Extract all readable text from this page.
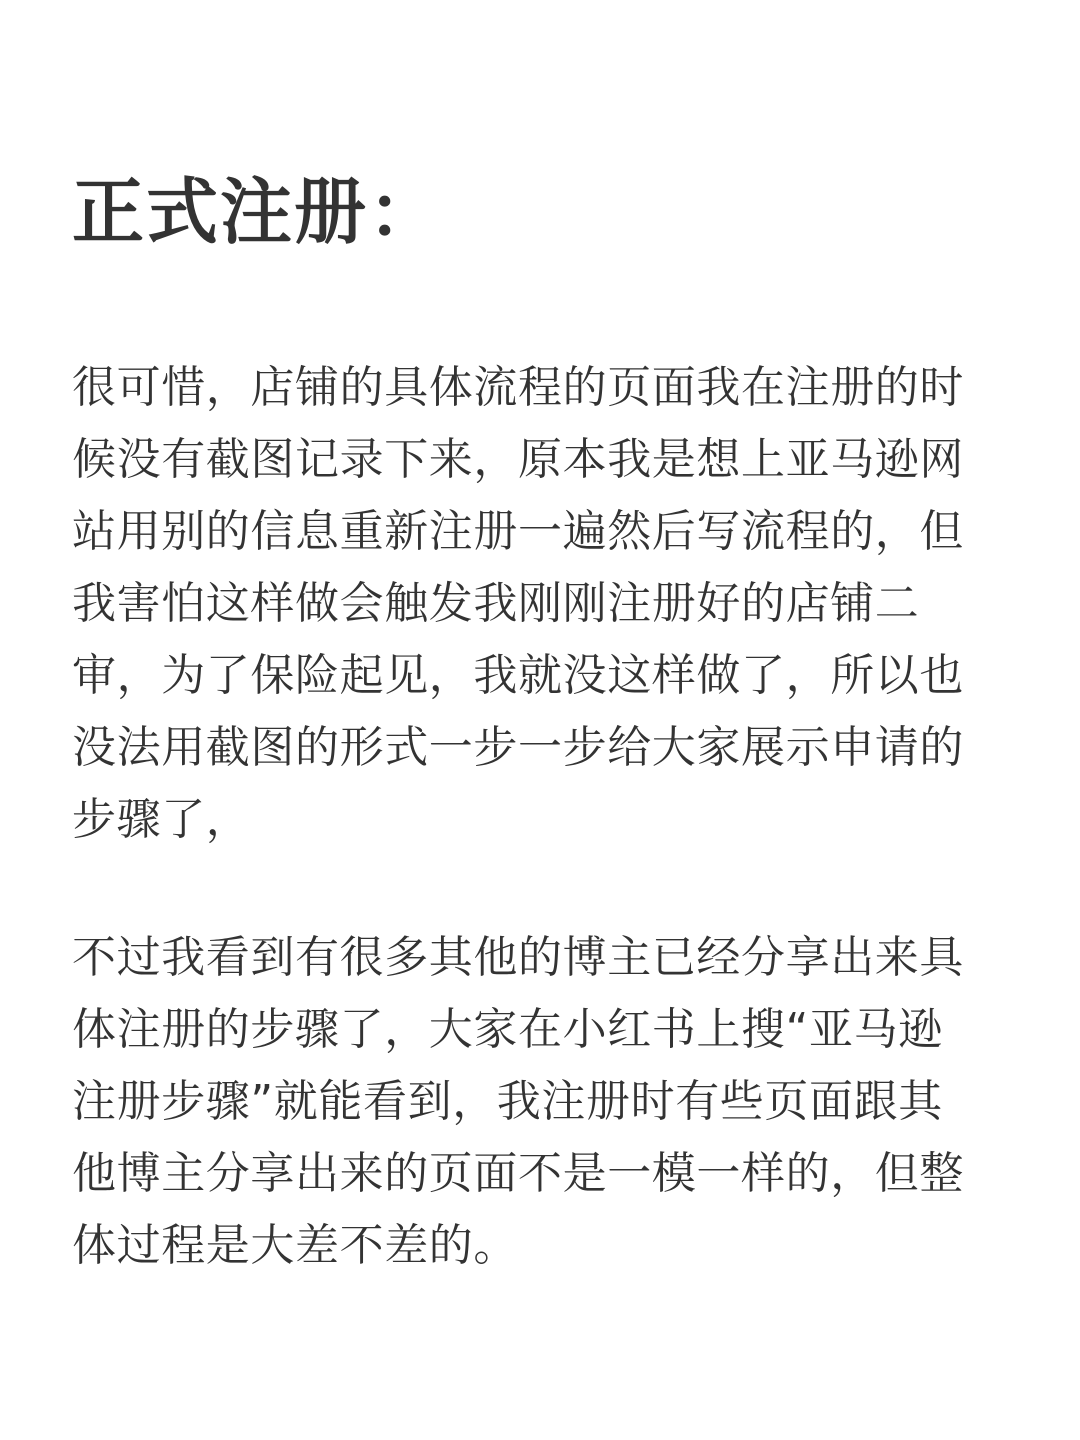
正式注册：
很可惜，店铺的具体流程的页面我在注册的时
候没有截图记录下来，原本我是想上亚马逊网
站用别的信息重新注册一遍然后写流程的，但
我害怕这样做会触发我刚刚注册好的店铺二
审，为了保险起见，我就没这样做了，所以也
没法用截图的形式一步一步给大家展示申请的
步骤了，
不过我看到有很多其他的博主已经分享出来具
体注册的步骤了，大家在小红书上搜“亚马逊
注册步骤”就能看到，我注册时有些页面跟其
他博主分享出来的页面不是一模一样的，但整
体过程是大差不差的。
